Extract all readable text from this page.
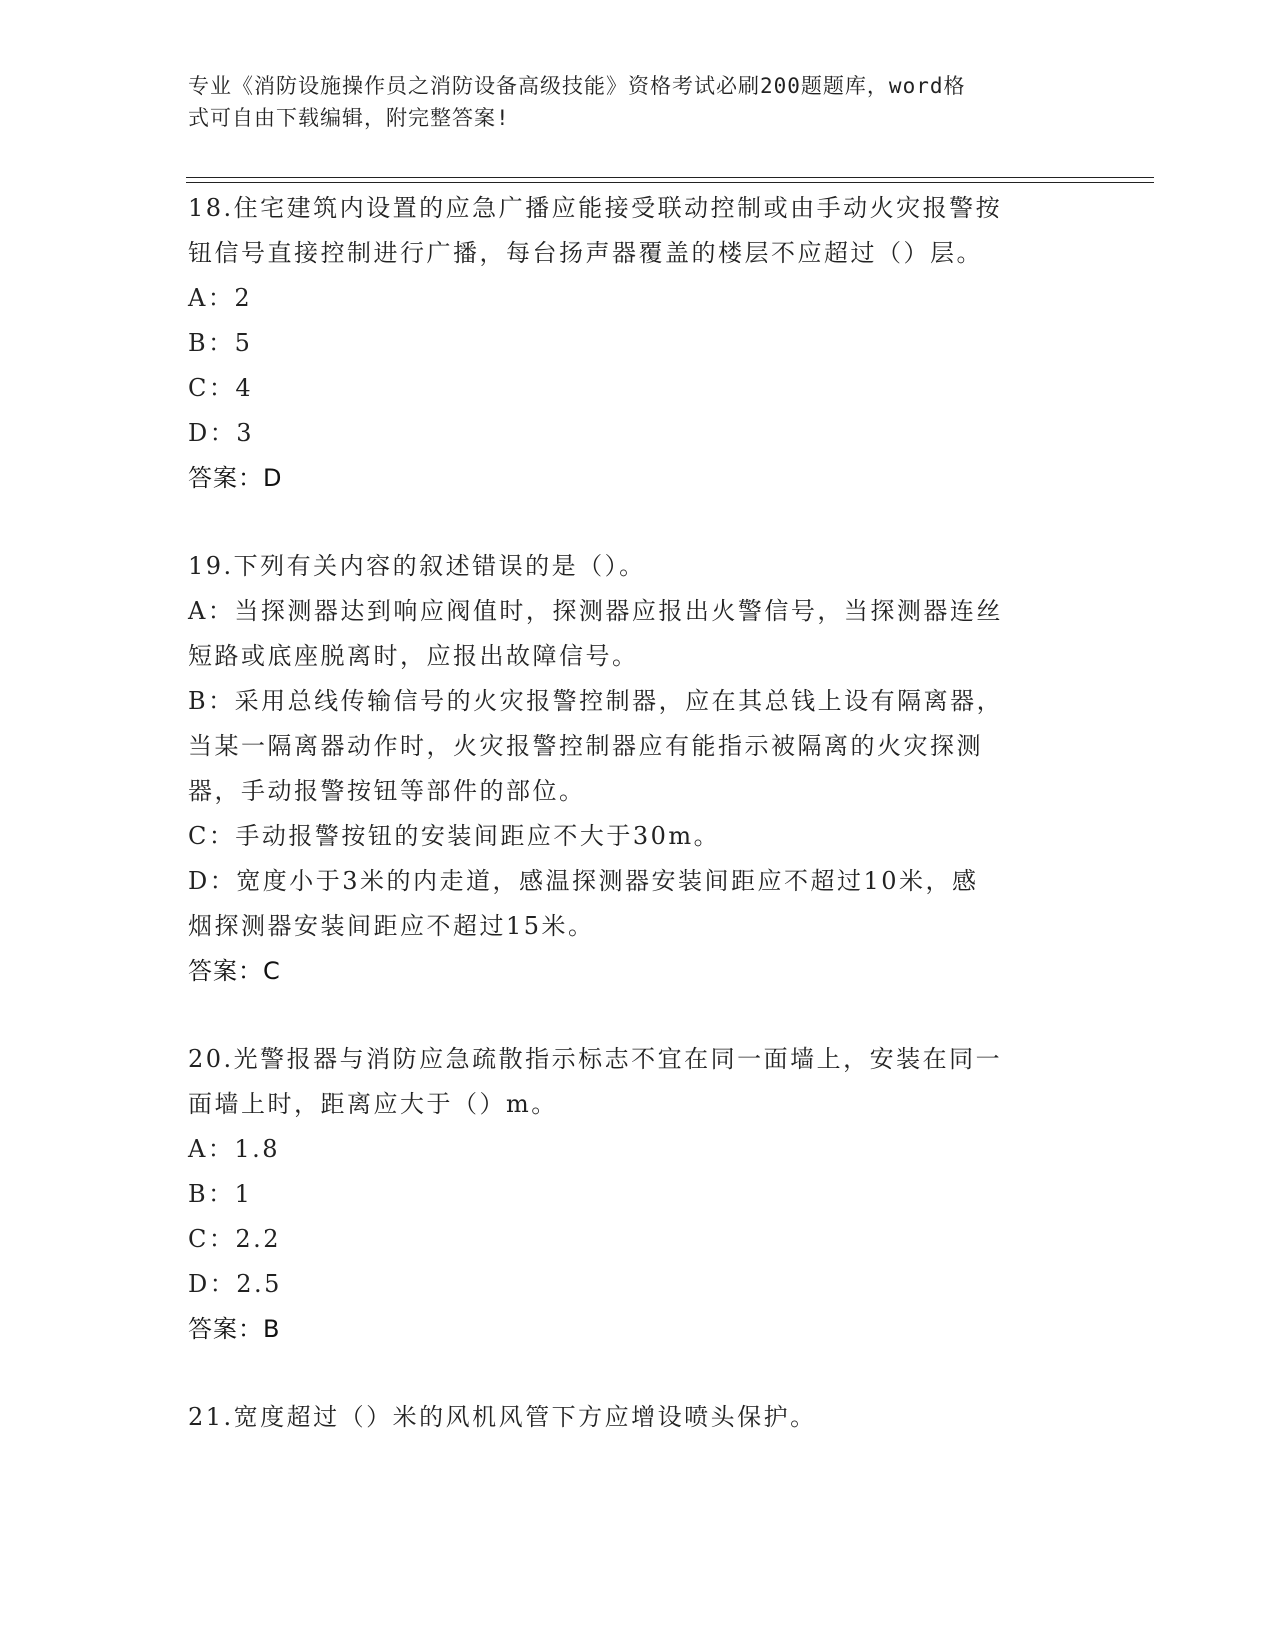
专业《消防设施操作员之消防设备高级技能》资格考试必刷200题题库，word格
式可自由下载编辑，附完整答案!
18.住宅建筑内设置的应急广播应能接受联动控制或由手动火灾报警按
钮信号直接控制进行广播，每台扬声器覆盖的楼层不应超过（）层。
A：2
B：5
C：4
D：3
答案：D
19.下列有关内容的叙述错误的是（）。
A：当探测器达到响应阀值时，探测器应报出火警信号，当探测器连丝
短路或底座脱离时，应报出故障信号。
B：采用总线传输信号的火灾报警控制器，应在其总钱上设有隔离器，
当某一隔离器动作时，火灾报警控制器应有能指示被隔离的火灾探测
器，手动报警按钮等部件的部位。
C：手动报警按钮的安装间距应不大于30m。
D：宽度小于3米的内走道，感温探测器安装间距应不超过10米，感
烟探测器安装间距应不超过15米。
答案：C
20.光警报器与消防应急疏散指示标志不宜在同一面墙上，安装在同一
面墙上时，距离应大于（）m。
A：1.8
B：1
C：2.2
D：2.5
答案：B
21.宽度超过（）米的风机风管下方应增设喷头保护。
